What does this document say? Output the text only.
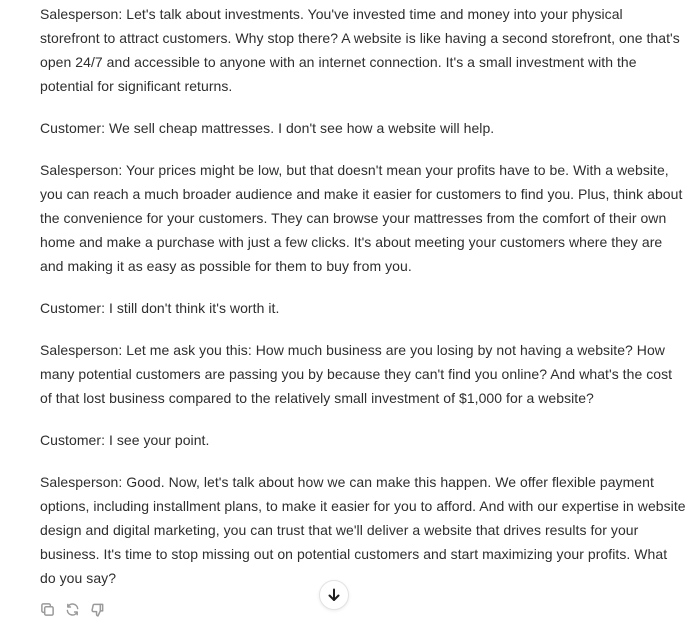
Salesperson: Let's talk about investments. You've invested time and money into your physical storefront to attract customers. Why stop there? A website is like having a second storefront, one that's open 24/7 and accessible to anyone with an internet connection. It's a small investment with the potential for significant returns.

Customer: We sell cheap mattresses. I don't see how a website will help.

Salesperson: Your prices might be low, but that doesn't mean your profits have to be. With a website, you can reach a much broader audience and make it easier for customers to find you. Plus, think about the convenience for your customers. They can browse your mattresses from the comfort of their own home and make a purchase with just a few clicks. It's about meeting your customers where they are and making it as easy as possible for them to buy from you.

Customer: I still don't think it's worth it.

Salesperson: Let me ask you this: How much business are you losing by not having a website? How many potential customers are passing you by because they can't find you online? And what's the cost of that lost business compared to the relatively small investment of $1,000 for a website?

Customer: I see your point.

Salesperson: Good. Now, let's talk about how we can make this happen. We offer flexible payment options, including installment plans, to make it easier for you to afford. And with our expertise in website design and digital marketing, you can trust that we'll deliver a website that drives results for your business. It's time to stop missing out on potential customers and start maximizing your profits. What do you say?
